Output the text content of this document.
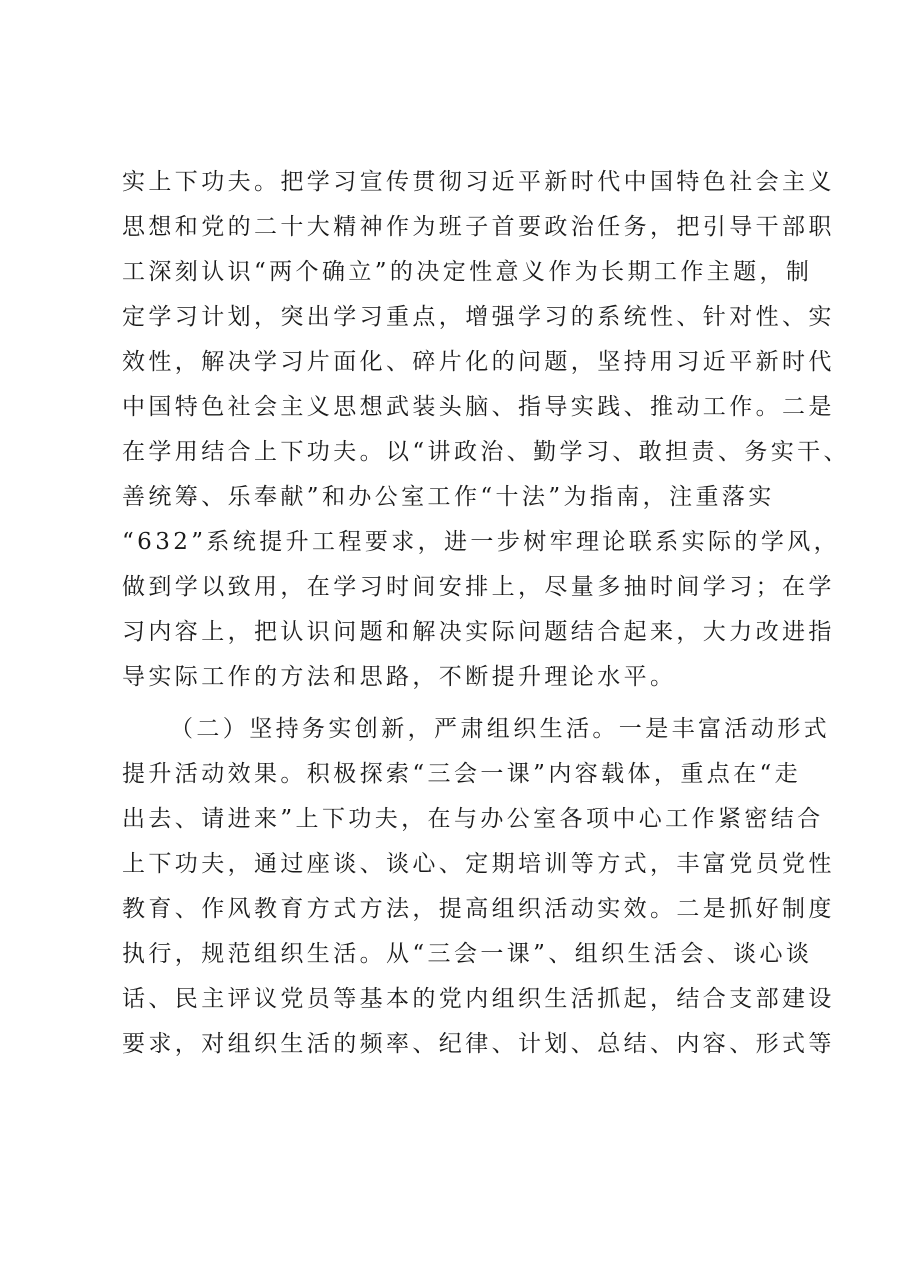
实上下功夫。把学习宣传贯彻习近平新时代中国特色社会主义
思想和党的二十大精神作为班子首要政治任务，把引导干部职
工深刻认识“两个确立”的决定性意义作为长期工作主题，制
定学习计划，突出学习重点，增强学习的系统性、针对性、实
效性，解决学习片面化、碎片化的问题，坚持用习近平新时代
中国特色社会主义思想武装头脑、指导实践、推动工作。二是
在学用结合上下功夫。以“讲政治、勤学习、敢担责、务实干、
善统筹、乐奉献”和办公室工作“十法”为指南，注重落实
“632”系统提升工程要求，进一步树牢理论联系实际的学风，
做到学以致用，在学习时间安排上，尽量多抽时间学习；在学
习内容上，把认识问题和解决实际问题结合起来，大力改进指
导实际工作的方法和思路，不断提升理论水平。
（二）坚持务实创新，严肃组织生活。一是丰富活动形式
提升活动效果。积极探索“三会一课”内容载体，重点在“走
出去、请进来”上下功夫，在与办公室各项中心工作紧密结合
上下功夫，通过座谈、谈心、定期培训等方式，丰富党员党性
教育、作风教育方式方法，提高组织活动实效。二是抓好制度
执行，规范组织生活。从“三会一课”、组织生活会、谈心谈
话、民主评议党员等基本的党内组织生活抓起，结合支部建设
要求，对组织生活的频率、纪律、计划、总结、内容、形式等
